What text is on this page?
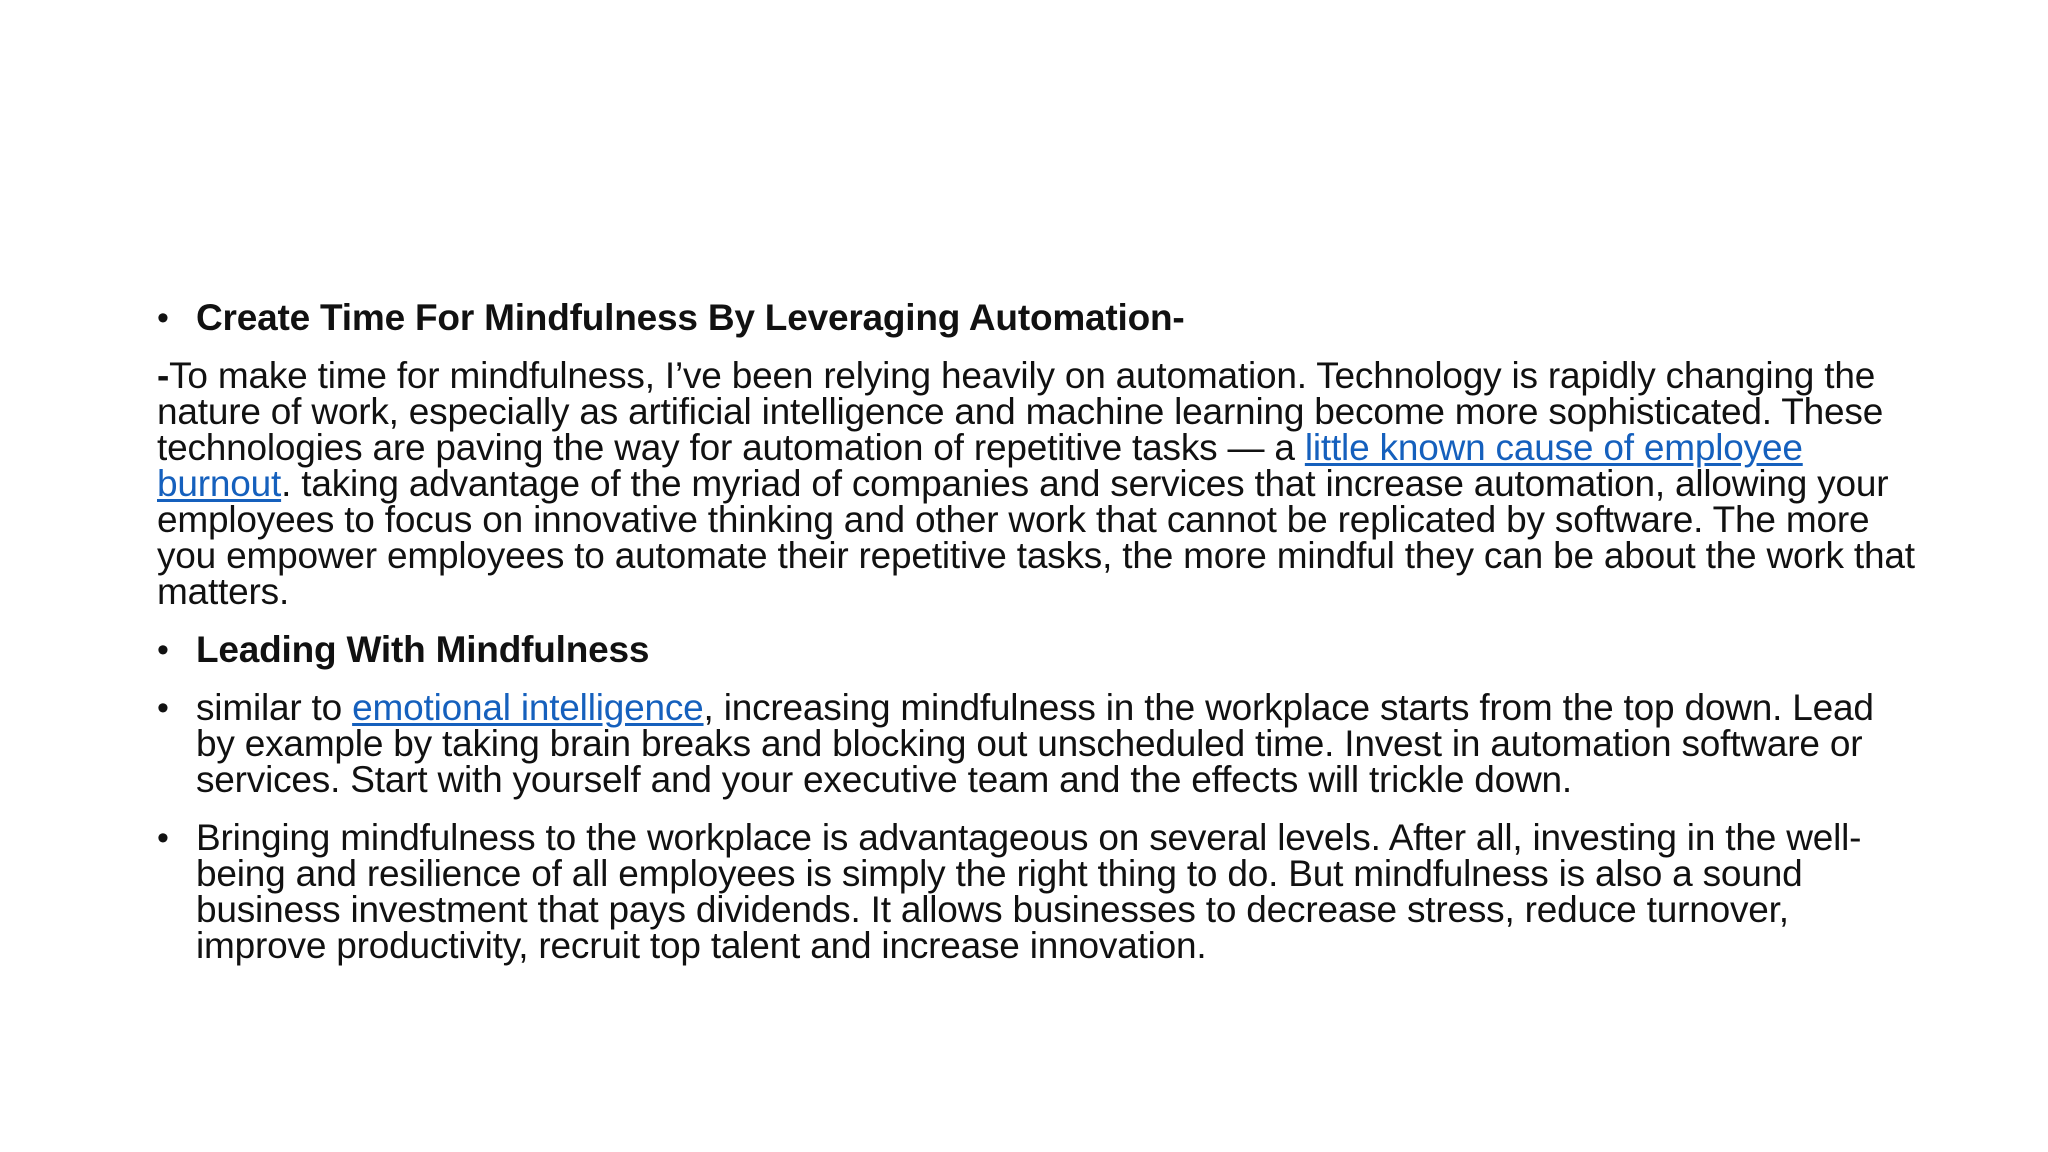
• Create Time For Mindfulness By Leveraging Automation-
-To make time for mindfulness, I’ve been relying heavily on automation. Technology is rapidly changing the nature of work, especially as artificial intelligence and machine learning become more sophisticated. These technologies are paving the way for automation of repetitive tasks — a little known cause of employee burnout. taking advantage of the myriad of companies and services that increase automation, allowing your employees to focus on innovative thinking and other work that cannot be replicated by software. The more you empower employees to automate their repetitive tasks, the more mindful they can be about the work that matters.
• Leading With Mindfulness
• similar to emotional intelligence, increasing mindfulness in the workplace starts from the top down. Lead by example by taking brain breaks and blocking out unscheduled time. Invest in automation software or services. Start with yourself and your executive team and the effects will trickle down.
• Bringing mindfulness to the workplace is advantageous on several levels. After all, investing in the well-being and resilience of all employees is simply the right thing to do. But mindfulness is also a sound business investment that pays dividends. It allows businesses to decrease stress, reduce turnover, improve productivity, recruit top talent and increase innovation.
